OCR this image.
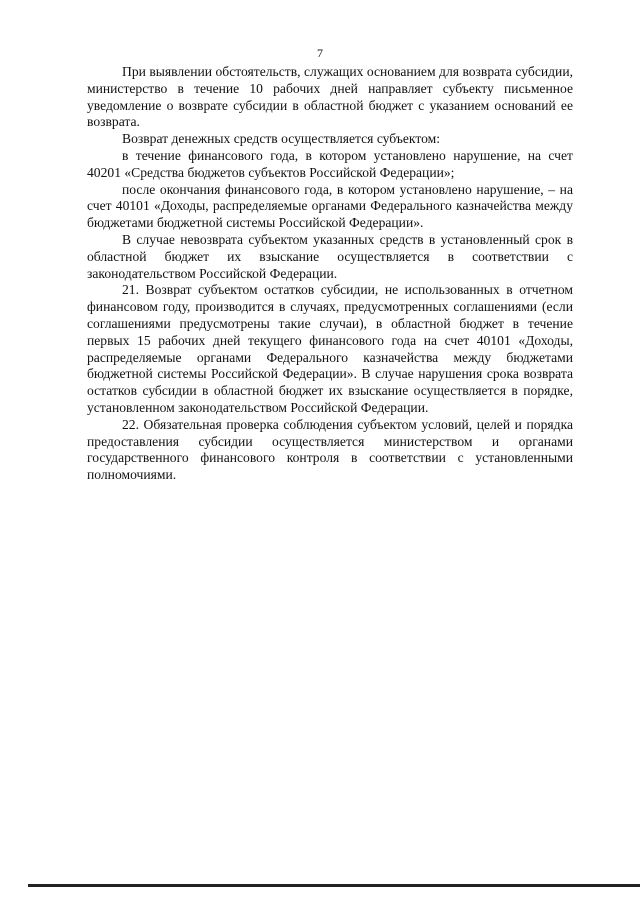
7

При выявлении обстоятельств, служащих основанием для возврата субсидии, министерство в течение 10 рабочих дней направляет субъекту письменное уведомление о возврате субсидии в областной бюджет с указанием оснований ее возврата.

Возврат денежных средств осуществляется субъектом:

в течение финансового года, в котором установлено нарушение, на счет 40201 «Средства бюджетов субъектов Российской Федерации»;

после окончания финансового года, в котором установлено нарушение, – на счет 40101 «Доходы, распределяемые органами Федерального казначейства между бюджетами бюджетной системы Российской Федерации».

В случае невозврата субъектом указанных средств в установленный срок в областной бюджет их взыскание осуществляется в соответствии с законодательством Российской Федерации.

21. Возврат субъектом остатков субсидии, не использованных в отчетном финансовом году, производится в случаях, предусмотренных соглашениями (если соглашениями предусмотрены такие случаи), в областной бюджет в течение первых 15 рабочих дней текущего финансового года на счет 40101 «Доходы, распределяемые органами Федерального казначейства между бюджетами бюджетной системы Российской Федерации». В случае нарушения срока возврата остатков субсидии в областной бюджет их взыскание осуществляется в порядке, установленном законодательством Российской Федерации.

22. Обязательная проверка соблюдения субъектом условий, целей и порядка предоставления субсидии осуществляется министерством и органами государственного финансового контроля в соответствии с установленными полномочиями.
